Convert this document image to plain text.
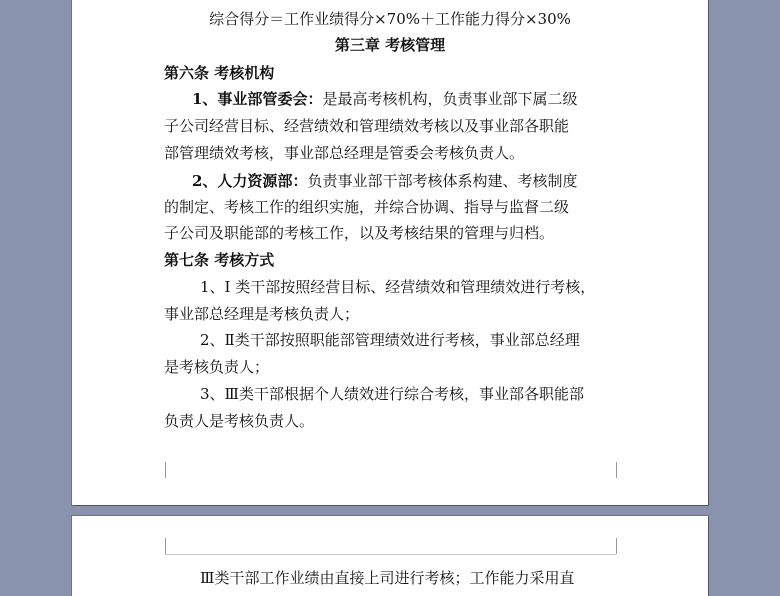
综合得分＝工作业绩得分×70%＋工作能力得分×30%
第三章 考核管理
第六条 考核机构
1、事业部管委会：是最高考核机构，负责事业部下属二级
子公司经营目标、经营绩效和管理绩效考核以及事业部各职能
部管理绩效考核，事业部总经理是管委会考核负责人。
2、人力资源部：负责事业部干部考核体系构建、考核制度
的制定、考核工作的组织实施，并综合协调、指导与监督二级
子公司及职能部的考核工作，以及考核结果的管理与归档。
第七条 考核方式
1、I 类干部按照经营目标、经营绩效和管理绩效进行考核，
事业部总经理是考核负责人；
2、Ⅱ类干部按照职能部管理绩效进行考核，事业部总经理
是考核负责人；
3、Ⅲ类干部根据个人绩效进行综合考核，事业部各职能部
负责人是考核负责人。
Ⅲ类干部工作业绩由直接上司进行考核；工作能力采用直
